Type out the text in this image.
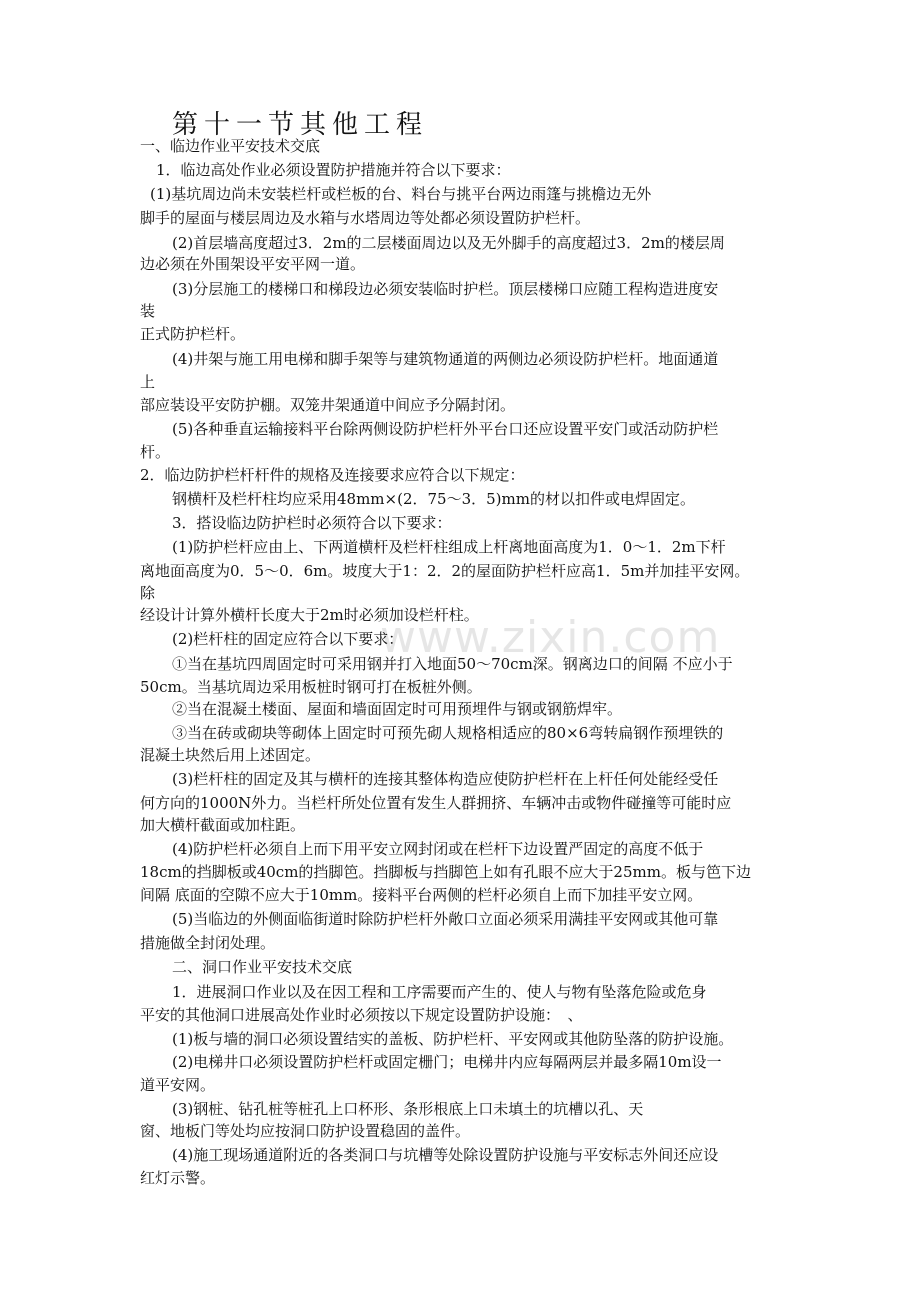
www.zixin.com
第十一节其他工程
一、临边作业平安技术交底
1．临边高处作业必须设置防护措施并符合以下要求：
(1)基坑周边尚未安装栏杆或栏板的台、料台与挑平台两边雨篷与挑檐边无外
脚手的屋面与楼层周边及水箱与水塔周边等处都必须设置防护栏杆。
(2)首层墙高度超过3．2m的二层楼面周边以及无外脚手的高度超过3．2m的楼层周
边必须在外围架设平安平网一道。
(3)分层施工的楼梯口和梯段边必须安装临时护栏。顶层楼梯口应随工程构造进度安
装
正式防护栏杆。
(4)井架与施工用电梯和脚手架等与建筑物通道的两侧边必须设防护栏杆。地面通道
上
部应装设平安防护棚。双笼井架通道中间应予分隔封闭。
(5)各种垂直运输接料平台除两侧设防护栏杆外平台口还应设置平安门或活动防护栏
杆。
2．临边防护栏杆杆件的规格及连接要求应符合以下规定：
钢横杆及栏杆柱均应采用48mm×(2．75～3．5)mm的材以扣件或电焊固定。
3．搭设临边防护栏时必须符合以下要求：
(1)防护栏杆应由上、下两道横杆及栏杆柱组成上杆离地面高度为1．0～1．2m下杆
离地面高度为0．5～0．6m。坡度大于1：2．2的屋面防护栏杆应高1．5m并加挂平安网。
除
经设计计算外横杆长度大于2m时必须加设栏杆柱。
(2)栏杆柱的固定应符合以下要求：
①当在基坑四周固定时可采用钢并打入地面50～70cm深。钢离边口的间隔 不应小于
50cm。当基坑周边采用板桩时钢可打在板桩外侧。
②当在混凝土楼面、屋面和墙面固定时可用预埋件与钢或钢筋焊牢。
③当在砖或砌块等砌体上固定时可预先砌人规格相适应的80×6弯转扁钢作预埋铁的
混凝土块然后用上述固定。
(3)栏杆柱的固定及其与横杆的连接其整体构造应使防护栏杆在上杆任何处能经受任
何方向的1000N外力。当栏杆所处位置有发生人群拥挤、车辆冲击或物件碰撞等可能时应
加大横杆截面或加柱距。
(4)防护栏杆必须自上而下用平安立网封闭或在栏杆下边设置严固定的高度不低于
18cm的挡脚板或40cm的挡脚笆。挡脚板与挡脚笆上如有孔眼不应大于25mm。板与笆下边
间隔 底面的空隙不应大于10mm。接料平台两侧的栏杆必须自上而下加挂平安立网。
(5)当临边的外侧面临街道时除防护栏杆外敞口立面必须采用满挂平安网或其他可靠
措施做全封闭处理。
二、洞口作业平安技术交底
1．进展洞口作业以及在因工程和工序需要而产生的、使人与物有坠落危险或危身
平安的其他洞口进展高处作业时必须按以下规定设置防护设施：　、
(1)板与墙的洞口必须设置结实的盖板、防护栏杆、平安网或其他防坠落的防护设施。
(2)电梯井口必须设置防护栏杆或固定栅门；电梯井内应每隔两层并最多隔10m设一
道平安网。
(3)钢桩、钻孔桩等桩孔上口杯形、条形根底上口未填土的坑槽以孔、天
窗、地板门等处均应按洞口防护设置稳固的盖件。
(4)施工现场通道附近的各类洞口与坑槽等处除设置防护设施与平安标志外间还应设
红灯示警。
